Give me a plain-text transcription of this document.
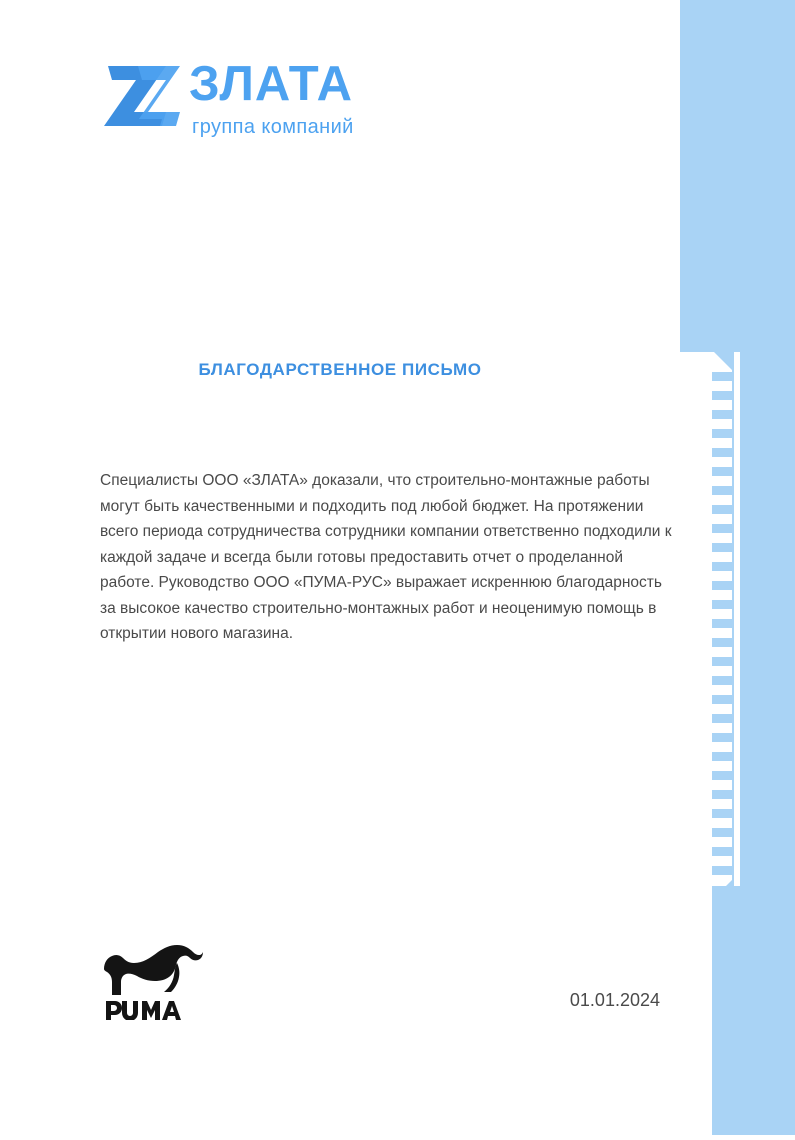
ЗЛАТА
группа компаний
БЛАГОДАРСТВЕННОЕ ПИСЬМО
Специалисты ООО «ЗЛАТА» доказали, что строительно-монтажные работы могут быть качественными и подходить под любой бюджет. На протяжении всего периода сотрудничества сотрудники компании ответственно подходили к каждой задаче и всегда были готовы предоставить отчет о проделанной работе. Руководство ООО «ПУМА-РУС» выражает искреннюю благодарность за высокое качество строительно-монтажных работ и неоценимую помощь в открытии нового магазина.
01.01.2024
